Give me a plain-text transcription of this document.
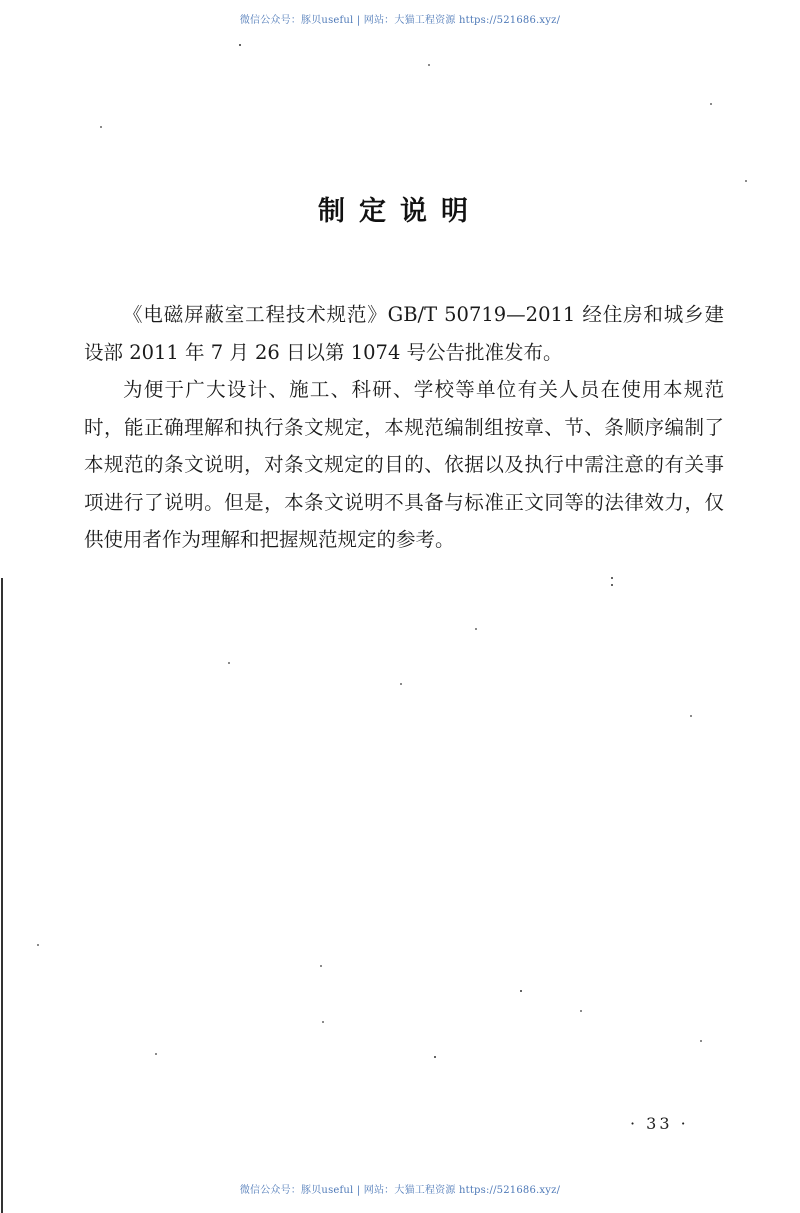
微信公众号：豚贝useful | 网站：大猫工程资源 https://521686.xyz/
制定说明

《电磁屏蔽室工程技术规范》GB/T 50719—2011 经住房和城乡建设部 2011 年 7 月 26 日以第 1074 号公告批准发布。

为便于广大设计、施工、科研、学校等单位有关人员在使用本规范时，能正确理解和执行条文规定，本规范编制组按章、节、条顺序编制了本规范的条文说明，对条文规定的目的、依据以及执行中需注意的有关事项进行了说明。但是，本条文说明不具备与标准正文同等的法律效力，仅供使用者作为理解和把握规范规定的参考。

· 33 ·
微信公众号：豚贝useful | 网站：大猫工程资源 https://521686.xyz/
